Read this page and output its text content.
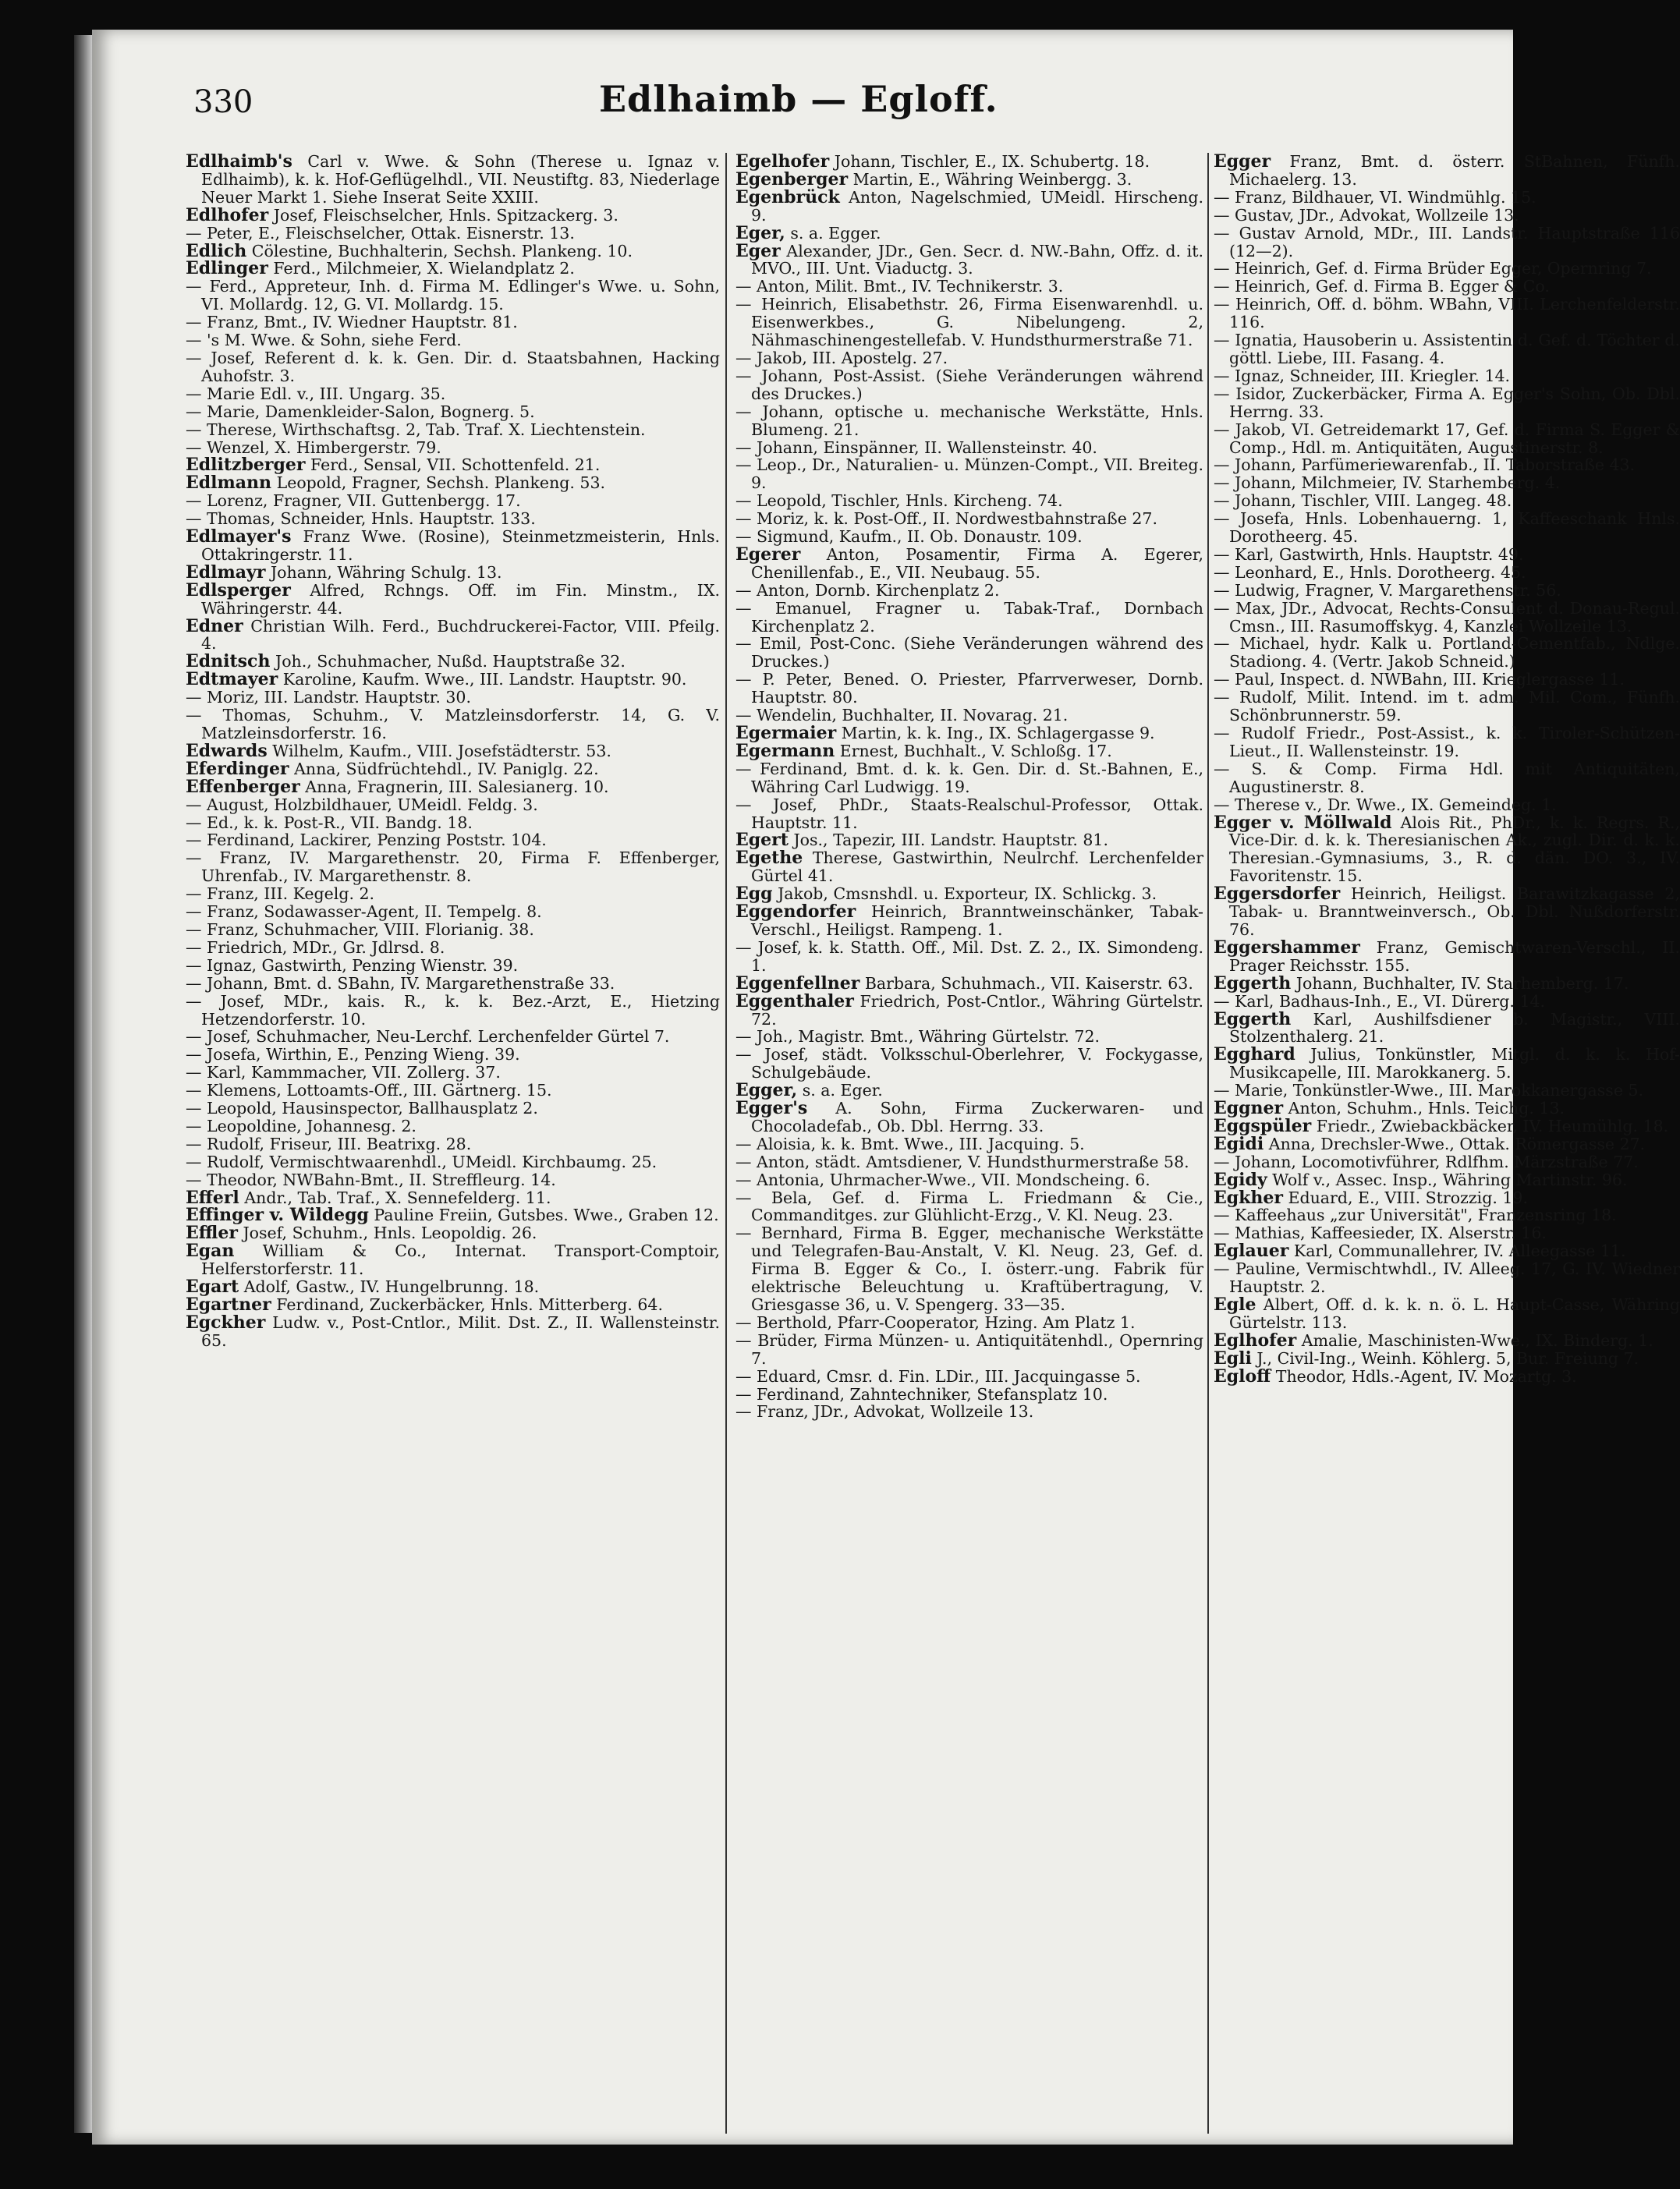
330	Edlhaimb — Egloff.

Edlhaimb's Carl v. Wwe. & Sohn (Therese u. Ignaz v. Edlhaimb), k. k. Hof-Geflügelhdl., VII. Neustiftg. 83, Niederlage Neuer Markt 1. Siehe Inserat Seite XXIII.

Edlhofer Josef, Fleischselcher, Hnls. Spitzackerg. 3.

— Peter, E., Fleischselcher, Ottak. Eisnerstr. 13.

Edlich Cölestine, Buchhalterin, Sechsh. Plankeng. 10.

Edlinger Ferd., Milchmeier, X. Wielandplatz 2.

— Ferd., Appreteur, Inh. d. Firma M. Edlinger's Wwe. u. Sohn, VI. Mollardg. 12, G. VI. Mollardg. 15.

— Franz, Bmt., IV. Wiedner Hauptstr. 81.

— 's M. Wwe. & Sohn, siehe Ferd.

— Josef, Referent d. k. k. Gen. Dir. d. Staatsbahnen, Hacking Auhofstr. 3.

— Marie Edl. v., III. Ungarg. 35.

— Marie, Damenkleider-Salon, Bognerg. 5.

— Therese, Wirthschaftsg. 2, Tab. Traf. X. Liechtenstein.

— Wenzel, X. Himbergerstr. 79.

Edlitzberger Ferd., Sensal, VII. Schottenfeld. 21.

Edlmann Leopold, Fragner, Sechsh. Plankeng. 53.

— Lorenz, Fragner, VII. Guttenbergg. 17.

— Thomas, Schneider, Hnls. Hauptstr. 133.

Edlmayer's Franz Wwe. (Rosine), Steinmetzmeisterin, Hnls. Ottakringerstr. 11.

Edlmayr Johann, Währing Schulg. 13.

Edlsperger Alfred, Rchngs. Off. im Fin. Minstm., IX. Währingerstr. 44.

Edner Christian Wilh. Ferd., Buchdruckerei-Factor, VIII. Pfeilg. 4.

Ednitsch Joh., Schuhmacher, Nußd. Hauptstraße 32.

Edtmayer Karoline, Kaufm. Wwe., III. Landstr. Hauptstr. 90.

— Moriz, III. Landstr. Hauptstr. 30.

— Thomas, Schuhm., V. Matzleinsdorferstr. 14, G. V. Matzleinsdorferstr. 16.

Edwards Wilhelm, Kaufm., VIII. Josefstädterstr. 53.

Eferdinger Anna, Südfrüchtehdl., IV. Paniglg. 22.

Effenberger Anna, Fragnerin, III. Salesianerg. 10.

— August, Holzbildhauer, UMeidl. Feldg. 3.

— Ed., k. k. Post-R., VII. Bandg. 18.

— Ferdinand, Lackirer, Penzing Poststr. 104.

— Franz, IV. Margarethenstr. 20, Firma F. Effenberger, Uhrenfab., IV. Margarethenstr. 8.

— Franz, III. Kegelg. 2.

— Franz, Sodawasser-Agent, II. Tempelg. 8.

— Franz, Schuhmacher, VIII. Florianig. 38.

— Friedrich, MDr., Gr. Jdlrsd. 8.

— Ignaz, Gastwirth, Penzing Wienstr. 39.

— Johann, Bmt. d. SBahn, IV. Margarethenstraße 33.

— Josef, MDr., kais. R., k. k. Bez.-Arzt, E., Hietzing Hetzendorferstr. 10.

— Josef, Schuhmacher, Neu-Lerchf. Lerchenfelder Gürtel 7.

— Josefa, Wirthin, E., Penzing Wieng. 39.

— Karl, Kammmacher, VII. Zollerg. 37.

— Klemens, Lottoamts-Off., III. Gärtnerg. 15.

— Leopold, Hausinspector, Ballhausplatz 2.

— Leopoldine, Johannesg. 2.

— Rudolf, Friseur, III. Beatrixg. 28.

— Rudolf, Vermischtwaarenhdl., UMeidl. Kirchbaumg. 25.

— Theodor, NWBahn-Bmt., II. Streffleurg. 14.

Efferl Andr., Tab. Traf., X. Sennefelderg. 11.

Effinger v. Wildegg Pauline Freiin, Gutsbes. Wwe., Graben 12.

Effler Josef, Schuhm., Hnls. Leopoldig. 26.

Egan William & Co., Internat. Transport-Comptoir, Helferstorferstr. 11.

Egart Adolf, Gastw., IV. Hungelbrunng. 18.

Egartner Ferdinand, Zuckerbäcker, Hnls. Mitterberg. 64.

Egckher Ludw. v., Post-Cntlor., Milit. Dst. Z., II. Wallensteinstr. 65.

Egelhofer Johann, Tischler, E., IX. Schubertg. 18.

Egenberger Martin, E., Währing Weinbergg. 3.

Egenbrück Anton, Nagelschmied, UMeidl. Hirscheng. 9.

Eger, s. a. Egger.

Eger Alexander, JDr., Gen. Secr. d. NW.-Bahn, Offz. d. it. MVO., III. Unt. Viaductg. 3.

— Anton, Milit. Bmt., IV. Technikerstr. 3.

— Heinrich, Elisabethstr. 26, Firma Eisenwarenhdl. u. Eisenwerkbes., G. Nibelungeng. 2, Nähmaschinengestellefab. V. Hundsthurmerstraße 71.

— Jakob, III. Apostelg. 27.

— Johann, Post-Assist. (Siehe Veränderungen während des Druckes.)

— Johann, optische u. mechanische Werkstätte, Hnls. Blumeng. 21.

— Johann, Einspänner, II. Wallensteinstr. 40.

— Leop., Dr., Naturalien- u. Münzen-Compt., VII. Breiteg. 9.

— Leopold, Tischler, Hnls. Kircheng. 74.

— Moriz, k. k. Post-Off., II. Nordwestbahnstraße 27.

— Sigmund, Kaufm., II. Ob. Donaustr. 109.

Egerer Anton, Posamentir, Firma A. Egerer, Chenillenfab., E., VII. Neubaug. 55.

— Anton, Dornb. Kirchenplatz 2.

— Emanuel, Fragner u. Tabak-Traf., Dornbach Kirchenplatz 2.

— Emil, Post-Conc. (Siehe Veränderungen während des Druckes.)

— P. Peter, Bened. O. Priester, Pfarrverweser, Dornb. Hauptstr. 80.

— Wendelin, Buchhalter, II. Novarag. 21.

Egermaier Martin, k. k. Ing., IX. Schlagergasse 9.

Egermann Ernest, Buchhalt., V. Schloßg. 17.

— Ferdinand, Bmt. d. k. k. Gen. Dir. d. St.-Bahnen, E., Währing Carl Ludwigg. 19.

— Josef, PhDr., Staats-Realschul-Professor, Ottak. Hauptstr. 11.

Egert Jos., Tapezir, III. Landstr. Hauptstr. 81.

Egethe Therese, Gastwirthin, Neulrchf. Lerchenfelder Gürtel 41.

Egg Jakob, Cmsnshdl. u. Exporteur, IX. Schlickg. 3.

Eggendorfer Heinrich, Branntweinschänker, Tabak-Verschl., Heiligst. Rampeng. 1.

— Josef, k. k. Statth. Off., Mil. Dst. Z. 2., IX. Simondeng. 1.

Eggenfellner Barbara, Schuhmach., VII. Kaiserstr. 63.

Eggenthaler Friedrich, Post-Cntlor., Währing Gürtelstr. 72.

— Joh., Magistr. Bmt., Währing Gürtelstr. 72.

— Josef, städt. Volksschul-Oberlehrer, V. Fockygasse, Schulgebäude.

Egger, s. a. Eger.

Egger's A. Sohn, Firma Zuckerwaren- und Chocoladefab., Ob. Dbl. Herrng. 33.

— Aloisia, k. k. Bmt. Wwe., III. Jacquing. 5.

— Anton, städt. Amtsdiener, V. Hundsthurmerstraße 58.

— Antonia, Uhrmacher-Wwe., VII. Mondscheing. 6.

— Bela, Gef. d. Firma L. Friedmann & Cie., Commanditges. zur Glühlicht-Erzg., V. Kl. Neug. 23.

— Bernhard, Firma B. Egger, mechanische Werkstätte und Telegrafen-Bau-Anstalt, V. Kl. Neug. 23, Gef. d. Firma B. Egger & Co., I. österr.-ung. Fabrik für elektrische Beleuchtung u. Kraftübertragung, V. Griesgasse 36, u. V. Spengerg. 33—35.

— Berthold, Pfarr-Cooperator, Hzing. Am Platz 1.

— Brüder, Firma Münzen- u. Antiquitätenhdl., Opernring 7.

— Eduard, Cmsr. d. Fin. LDir., III. Jacquingasse 5.

— Ferdinand, Zahntechniker, Stefansplatz 10.

— Franz, JDr., Advokat, Wollzeile 13.

Egger Franz, Bmt. d. österr. StBahnen, Fünfh. Michaelerg. 13.

— Franz, Bildhauer, VI. Windmühlg. 15.

— Gustav, JDr., Advokat, Wollzeile 13.

— Gustav Arnold, MDr., III. Landstr. Hauptstraße 116 (12—2).

— Heinrich, Gef. d. Firma Brüder Egger, Opernring 7.

— Heinrich, Gef. d. Firma B. Egger & Co.

— Heinrich, Off. d. böhm. WBahn, VIII. Lerchenfelderstr. 116.

— Ignatia, Hausoberin u. Assistentin d. Gef. d. Töchter d. göttl. Liebe, III. Fasang. 4.

— Ignaz, Schneider, III. Kriegler. 14.

— Isidor, Zuckerbäcker, Firma A. Egger's Sohn, Ob. Dbl. Herrng. 33.

— Jakob, VI. Getreidemarkt 17, Gef. d. Firma S. Egger & Comp., Hdl. m. Antiquitäten, Augustinerstr. 8.

— Johann, Parfümeriewarenfab., II. Taborstraße 43.

— Johann, Milchmeier, IV. Starhemberg. 4.

— Johann, Tischler, VIII. Langeg. 48.

— Josefa, Hnls. Lobenhauerng. 1, Kaffeeschank Hnls. Dorotheerg. 45.

— Karl, Gastwirth, Hnls. Hauptstr. 49.

— Leonhard, E., Hnls. Dorotheerg. 45.

— Ludwig, Fragner, V. Margarethenstr. 56.

— Max, JDr., Advocat, Rechts-Consulent d. Donau-Regul. Cmsn., III. Rasumoffskyg. 4, Kanzlei Wollzeile 13.

— Michael, hydr. Kalk u. Portland-Cementfab., Ndlge. Stadiong. 4. (Vertr. Jakob Schneid.)

— Paul, Inspect. d. NWBahn, III. Krieglergasse 11.

— Rudolf, Milit. Intend. im t. adm. Mil. Com., Fünfh. Schönbrunnerstr. 59.

— Rudolf Friedr., Post-Assist., k. k. Tiroler-Schützen-Lieut., II. Wallensteinstr. 19.

— S. & Comp. Firma Hdl. mit Antiquitäten, Augustinerstr. 8.

— Therese v., Dr. Wwe., IX. Gemeindeg. 1.

Egger v. Möllwald Alois Rit., PhDr., k. k. Regrs. R., Vice-Dir. d. k. k. Theresianischen Ak., zugl. Dir. d. k. k. Theresian.-Gymnasiums, 3., R. d. dän. DO. 3., IV. Favoritenstr. 15.

Eggersdorfer Heinrich, Heiligst. Barawitzkagasse 2, Tabak- u. Branntweinversch., Ob. Dbl. Nußdorferstr. 76.

Eggershammer Franz, Gemischtwaren-Verschl., II. Prager Reichsstr. 155.

Eggerth Johann, Buchhalter, IV. Starhemberg. 17.

— Karl, Badhaus-Inh., E., VI. Dürerg. 14.

Eggerth Karl, Aushilfsdiener b. Magistr., VIII. Stolzenthalerg. 21.

Egghard Julius, Tonkünstler, Mitgl. d. k. k. Hof-Musikcapelle, III. Marokkanerg. 5.

— Marie, Tonkünstler-Wwe., III. Marokkanergasse 5.

Eggner Anton, Schuhm., Hnls. Teichg. 13.

Eggspüler Friedr., Zwiebackbäcker, IV. Heumühlg. 18.

Egidi Anna, Drechsler-Wwe., Ottak. Römergasse 27.

— Johann, Locomotivführer, Rdlfhm. Märzstraße 77.

Egidy Wolf v., Assec. Insp., Währing Martinstr. 96.

Egkher Eduard, E., VIII. Strozzig. 19.

— Kaffeehaus „zur Universität", Franzensring 18.

— Mathias, Kaffeesieder, IX. Alserstr. 16.

Eglauer Karl, Communallehrer, IV. Alleegasse 11.

— Pauline, Vermischtwhdl., IV. Alleeg. 17, G. IV. Wiedner Hauptstr. 2.

Egle Albert, Off. d. k. k. n. ö. L. Haupt-Casse, Währing Gürtelstr. 113.

Eglhofer Amalie, Maschinisten-Wwe., IX. Binderg. 1.

Egli J., Civil-Ing., Weinh. Köhlerg. 5, Bur. Freiung 7.

Egloff Theodor, Hdls.-Agent, IV. Mozartg. 3.
